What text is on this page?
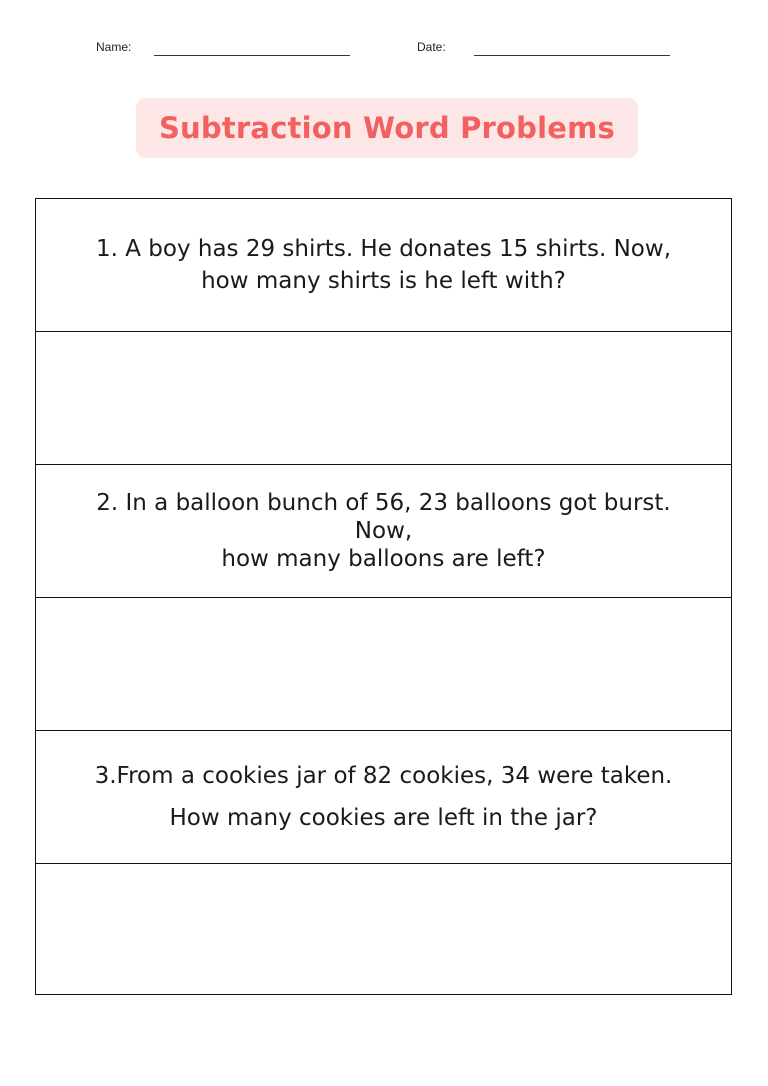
Name:	Date:
Subtraction Word Problems
1. A boy has 29 shirts. He donates 15 shirts. Now,
how many shirts is he left with?
2. In a balloon bunch of 56, 23 balloons got burst.
Now,
how many balloons are left?
3.From a cookies jar of 82 cookies, 34 were taken.
How many cookies are left in the jar?
